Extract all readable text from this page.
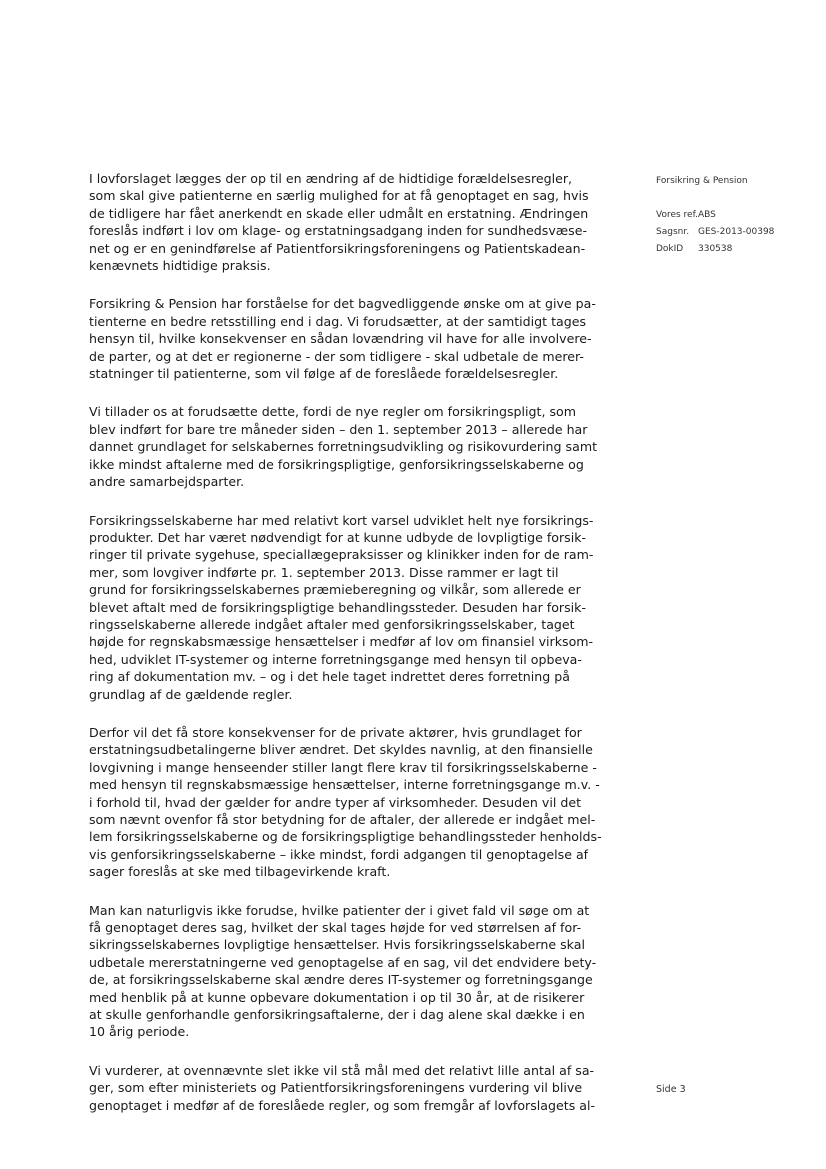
I lovforslaget lægges der op til en ændring af de hidtidige forældelsesregler,
som skal give patienterne en særlig mulighed for at få genoptaget en sag, hvis
de tidligere har fået anerkendt en skade eller udmålt en erstatning. Ændringen
foreslås indført i lov om klage- og erstatningsadgang inden for sundhedsvæse-
net og er en genindførelse af Patientforsikringsforeningens og Patientskadean-
kenævnets hidtidige praksis.

Forsikring & Pension har forståelse for det bagvedliggende ønske om at give pa-
tienterne en bedre retsstilling end i dag. Vi forudsætter, at der samtidigt tages
hensyn til, hvilke konsekvenser en sådan lovændring vil have for alle involvere-
de parter, og at det er regionerne - der som tidligere - skal udbetale de merer-
statninger til patienterne, som vil følge af de foreslåede forældelsesregler.

Vi tillader os at forudsætte dette, fordi de nye regler om forsikringspligt, som
blev indført for bare tre måneder siden – den 1. september 2013 – allerede har
dannet grundlaget for selskabernes forretningsudvikling og risikovurdering samt
ikke mindst aftalerne med de forsikringspligtige, genforsikringsselskaberne og
andre samarbejdsparter.

Forsikringsselskaberne har med relativt kort varsel udviklet helt nye forsikrings-
produkter. Det har været nødvendigt for at kunne udbyde de lovpligtige forsik-
ringer til private sygehuse, speciallægepraksisser og klinikker inden for de ram-
mer, som lovgiver indførte pr. 1. september 2013. Disse rammer er lagt til
grund for forsikringsselskabernes præmieberegning og vilkår, som allerede er
blevet aftalt med de forsikringspligtige behandlingssteder. Desuden har forsik-
ringsselskaberne allerede indgået aftaler med genforsikringsselskaber, taget
højde for regnskabsmæssige hensættelser i medfør af lov om finansiel virksom-
hed, udviklet IT-systemer og interne forretningsgange med hensyn til opbeva-
ring af dokumentation mv. – og i det hele taget indrettet deres forretning på
grundlag af de gældende regler.

Derfor vil det få store konsekvenser for de private aktører, hvis grundlaget for
erstatningsudbetalingerne bliver ændret. Det skyldes navnlig, at den finansielle
lovgivning i mange henseender stiller langt flere krav til forsikringsselskaberne -
med hensyn til regnskabsmæssige hensættelser, interne forretningsgange m.v. -
i forhold til, hvad der gælder for andre typer af virksomheder. Desuden vil det
som nævnt ovenfor få stor betydning for de aftaler, der allerede er indgået mel-
lem forsikringsselskaberne og de forsikringspligtige behandlingssteder henholds-
vis genforsikringsselskaberne – ikke mindst, fordi adgangen til genoptagelse af
sager foreslås at ske med tilbagevirkende kraft.

Man kan naturligvis ikke forudse, hvilke patienter der i givet fald vil søge om at
få genoptaget deres sag, hvilket der skal tages højde for ved størrelsen af for-
sikringsselskabernes lovpligtige hensættelser. Hvis forsikringsselskaberne skal
udbetale mererstatningerne ved genoptagelse af en sag, vil det endvidere bety-
de, at forsikringsselskaberne skal ændre deres IT-systemer og forretningsgange
med henblik på at kunne opbevare dokumentation i op til 30 år, at de risikerer
at skulle genforhandle genforsikringsaftalerne, der i dag alene skal dække i en
10 årig periode.

Vi vurderer, at ovennævnte slet ikke vil stå mål med det relativt lille antal af sa-
ger, som efter ministeriets og Patientforsikringsforeningens vurdering vil blive
genoptaget i medfør af de foreslåede regler, og som fremgår af lovforslagets al-

Forsikring & Pension
Vores ref. ABS
Sagsnr. GES-2013-00398
DokID	330538
Side 3
